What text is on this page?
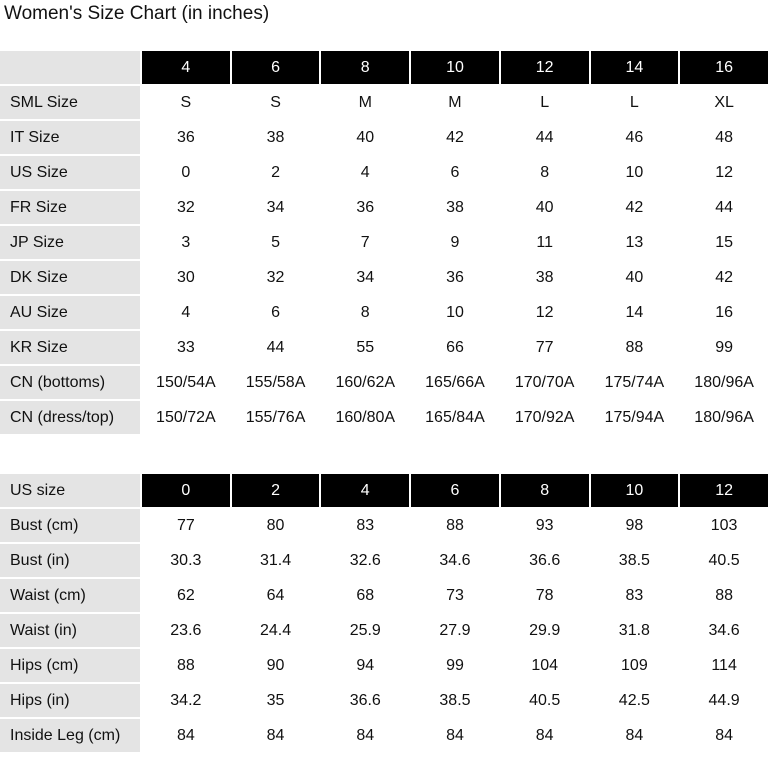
Women's Size Chart (in inches)
	4	6	8	10	12	14	16
SML Size	S	S	M	M	L	L	XL
IT Size	36	38	40	42	44	46	48
US Size	0	2	4	6	8	10	12
FR Size	32	34	36	38	40	42	44
JP Size	3	5	7	9	11	13	15
DK Size	30	32	34	36	38	40	42
AU Size	4	6	8	10	12	14	16
KR Size	33	44	55	66	77	88	99
CN (bottoms)	150/54A	155/58A	160/62A	165/66A	170/70A	175/74A	180/96A
CN (dress/top)	150/72A	155/76A	160/80A	165/84A	170/92A	175/94A	180/96A
US size	0	2	4	6	8	10	12
Bust (cm)	77	80	83	88	93	98	103
Bust (in)	30.3	31.4	32.6	34.6	36.6	38.5	40.5
Waist (cm)	62	64	68	73	78	83	88
Waist (in)	23.6	24.4	25.9	27.9	29.9	31.8	34.6
Hips (cm)	88	90	94	99	104	109	114
Hips (in)	34.2	35	36.6	38.5	40.5	42.5	44.9
Inside Leg (cm)	84	84	84	84	84	84	84
